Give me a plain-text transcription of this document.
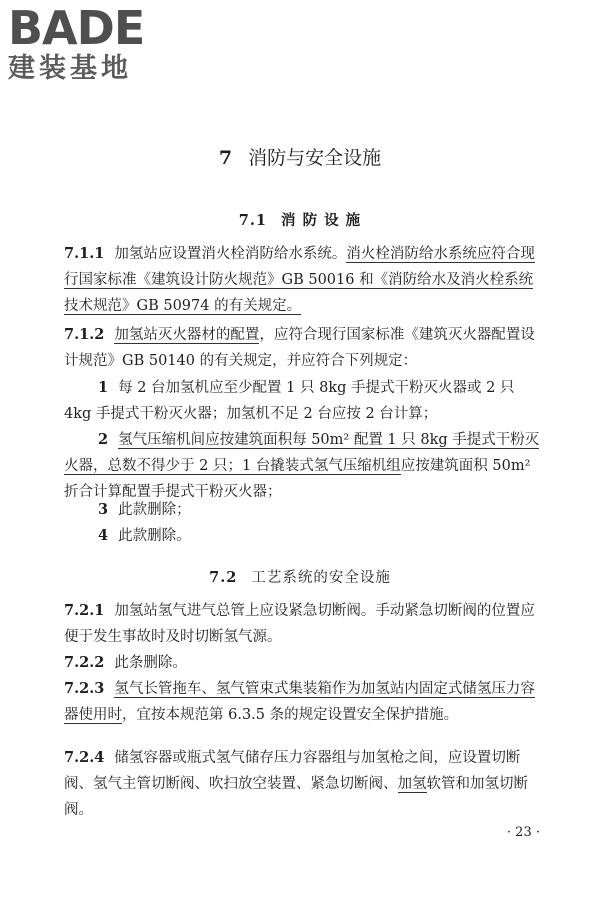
BADE
建装基地
7 消防与安全设施
7.1 消 防 设 施

7.1.1 加氢站应设置消火栓消防给水系统。消火栓消防给水系统应符合现行国家标准《建筑设计防火规范》GB 50016 和《消防给水及消火栓系统技术规范》GB 50974 的有关规定。

7.1.2 加氢站灭火器材的配置，应符合现行国家标准《建筑灭火器配置设计规范》GB 50140 的有关规定，并应符合下列规定：

1 每 2 台加氢机应至少配置 1 只 8kg 手提式干粉灭火器或 2 只 4kg 手提式干粉灭火器；加氢机不足 2 台应按 2 台计算；

2 氢气压缩机间应按建筑面积每 50m² 配置 1 只 8kg 手提式干粉灭火器，总数不得少于 2 只；1 台撬装式氢气压缩机组应按建筑面积 50m² 折合计算配置手提式干粉灭火器；

3 此款删除；

4 此款删除。

7.2 工艺系统的安全设施

7.2.1 加氢站氢气进气总管上应设紧急切断阀。手动紧急切断阀的位置应便于发生事故时及时切断氢气源。

7.2.2 此条删除。

7.2.3 氢气长管拖车、氢气管束式集装箱作为加氢站内固定式储氢压力容器使用时，宜按本规范第 6.3.5 条的规定设置安全保护措施。

7.2.4 储氢容器或瓶式氢气储存压力容器组与加氢枪之间，应设置切断阀、氢气主管切断阀、吹扫放空装置、紧急切断阀、加氢软管和加氢切断阀。

· 23 ·
